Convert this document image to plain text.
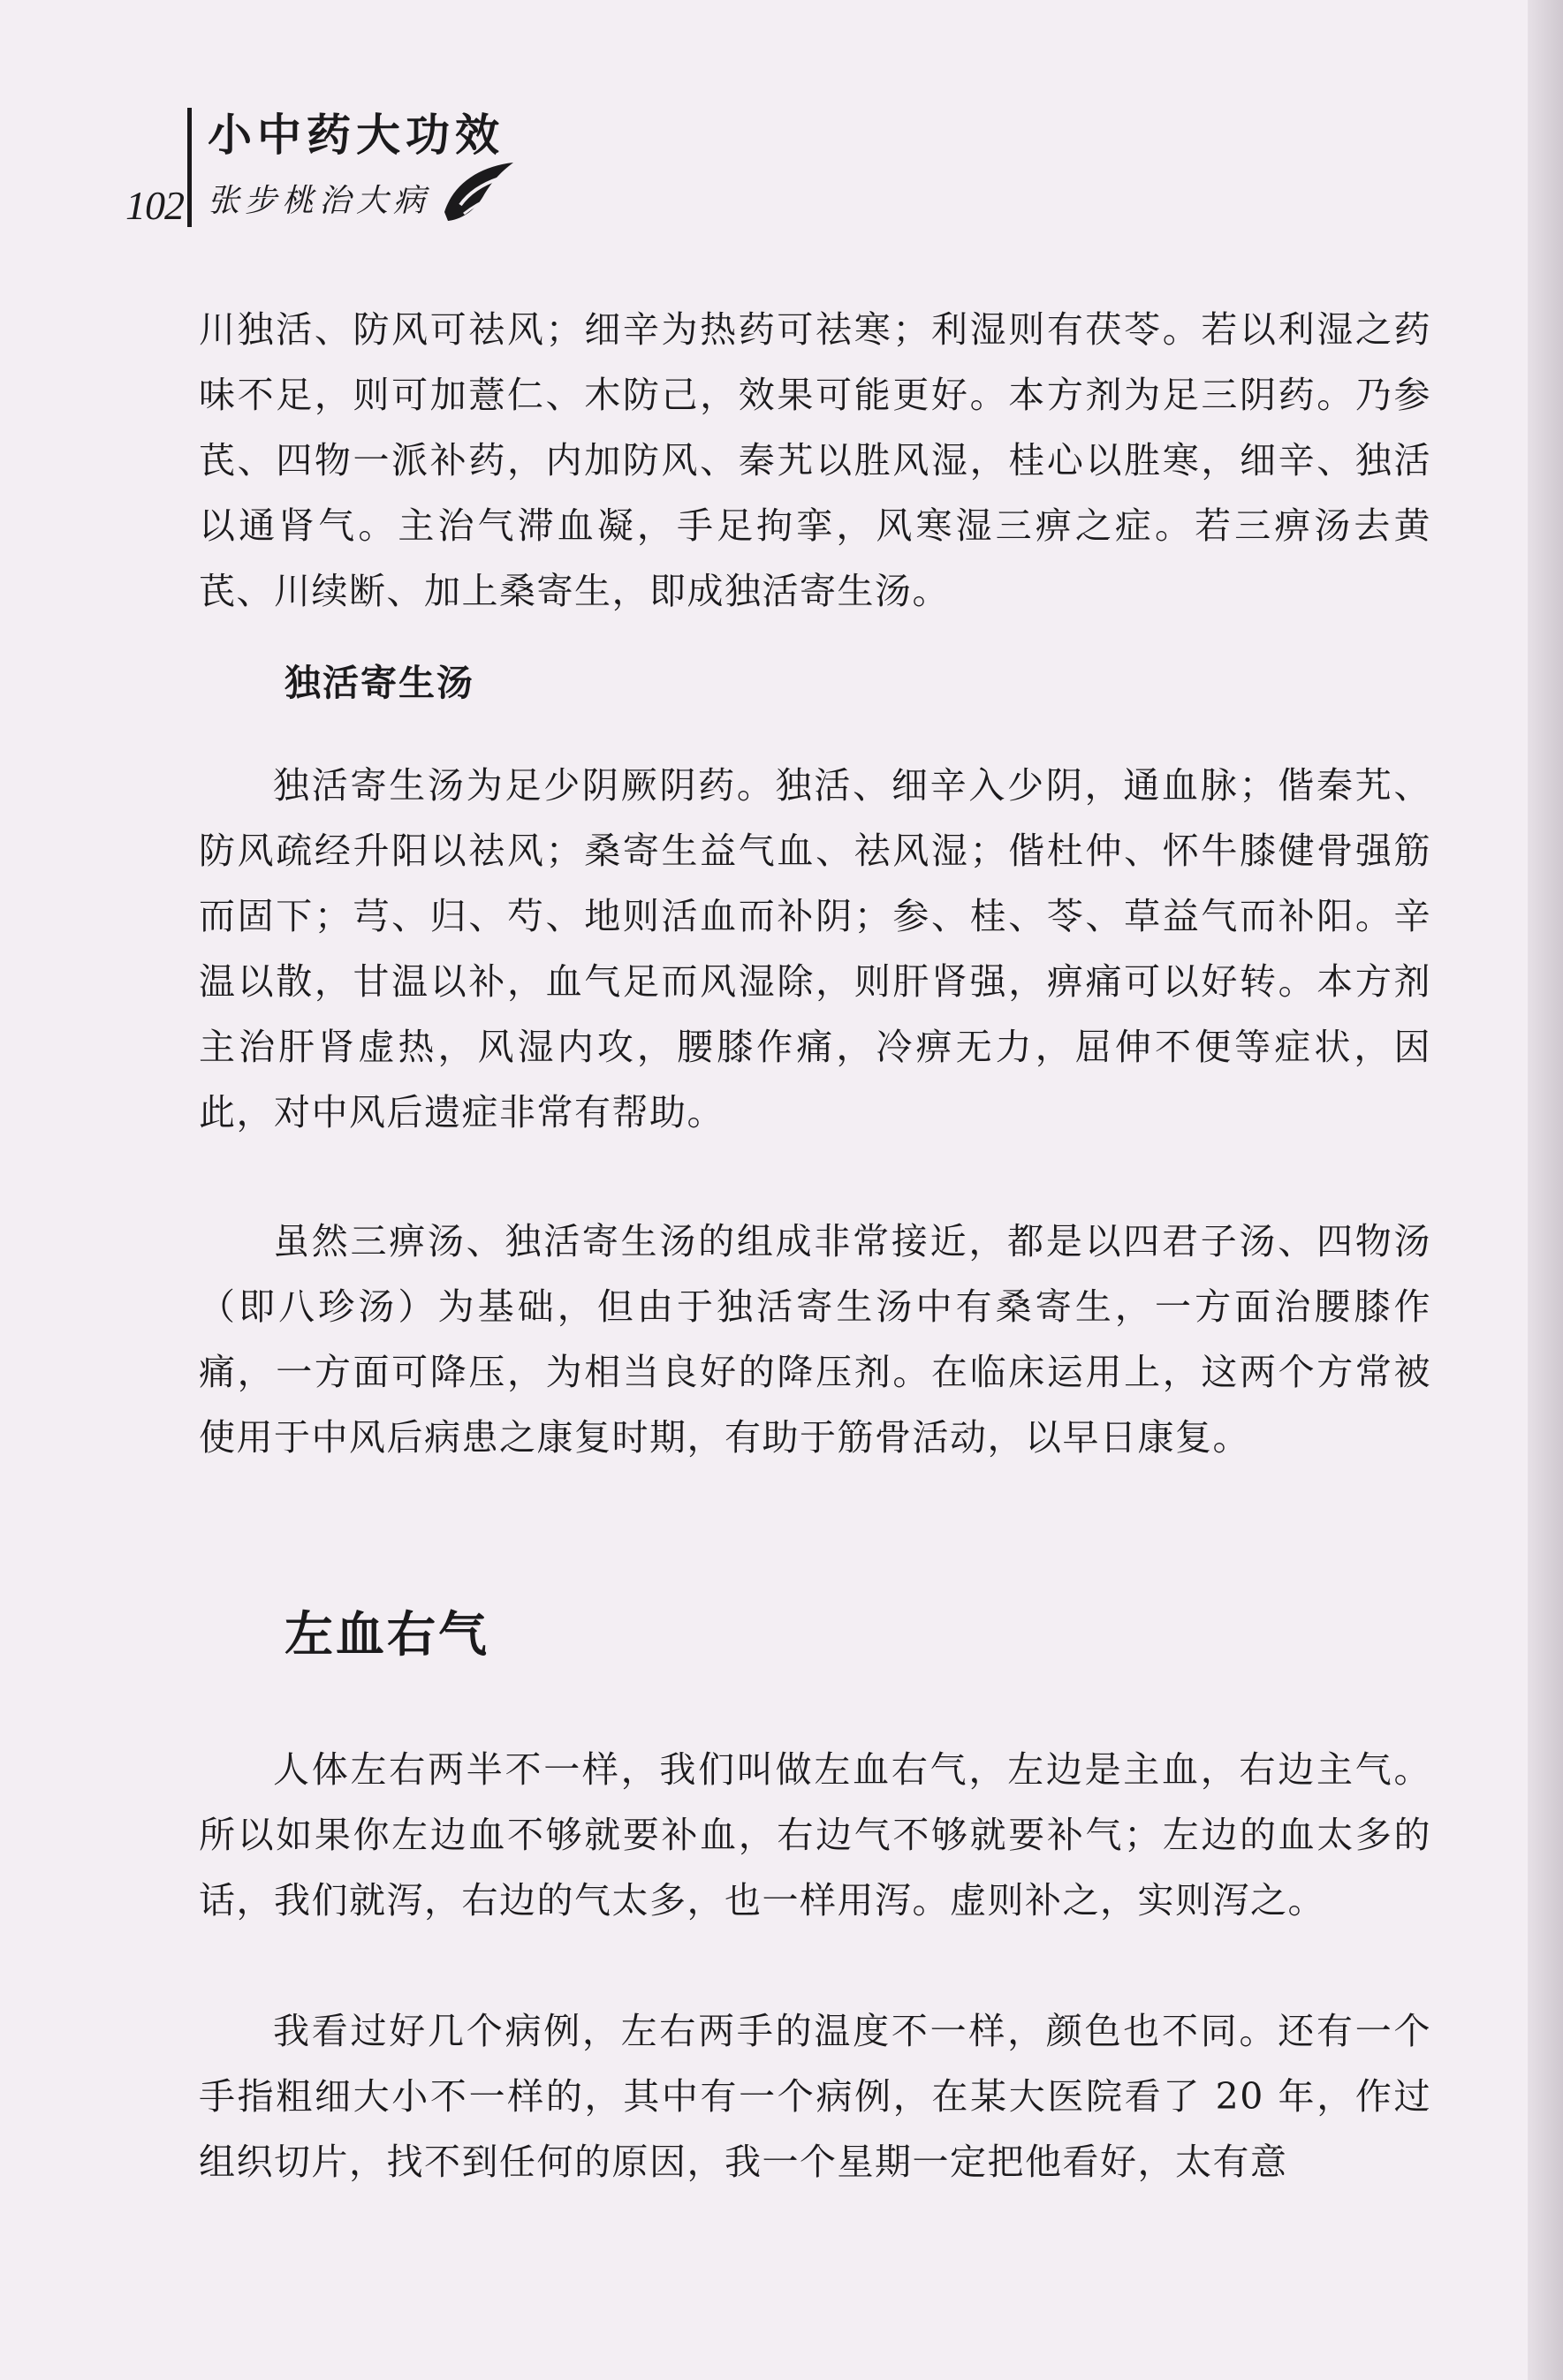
102
小中药大功效
张步桃治大病

川独活、防风可祛风；细辛为热药可祛寒；利湿则有茯苓。若以利湿之药味不足，则可加薏仁、木防己，效果可能更好。本方剂为足三阴药。乃参芪、四物一派补药，内加防风、秦艽以胜风湿，桂心以胜寒，细辛、独活以通肾气。主治气滞血凝，手足拘挛，风寒湿三痹之症。若三痹汤去黄芪、川续断、加上桑寄生，即成独活寄生汤。

独活寄生汤

独活寄生汤为足少阴厥阴药。独活、细辛入少阴，通血脉；偕秦艽、防风疏经升阳以祛风；桑寄生益气血、祛风湿；偕杜仲、怀牛膝健骨强筋而固下；芎、归、芍、地则活血而补阴；参、桂、苓、草益气而补阳。辛温以散，甘温以补，血气足而风湿除，则肝肾强，痹痛可以好转。本方剂主治肝肾虚热，风湿内攻，腰膝作痛，冷痹无力，屈伸不便等症状，因此，对中风后遗症非常有帮助。

虽然三痹汤、独活寄生汤的组成非常接近，都是以四君子汤、四物汤（即八珍汤）为基础，但由于独活寄生汤中有桑寄生，一方面治腰膝作痛，一方面可降压，为相当良好的降压剂。在临床运用上，这两个方常被使用于中风后病患之康复时期，有助于筋骨活动，以早日康复。

左血右气

人体左右两半不一样，我们叫做左血右气，左边是主血，右边主气。所以如果你左边血不够就要补血，右边气不够就要补气；左边的血太多的话，我们就泻，右边的气太多，也一样用泻。虚则补之，实则泻之。

我看过好几个病例，左右两手的温度不一样，颜色也不同。还有一个手指粗细大小不一样的，其中有一个病例，在某大医院看了 20 年，作过组织切片，找不到任何的原因，我一个星期一定把他看好，太有意
